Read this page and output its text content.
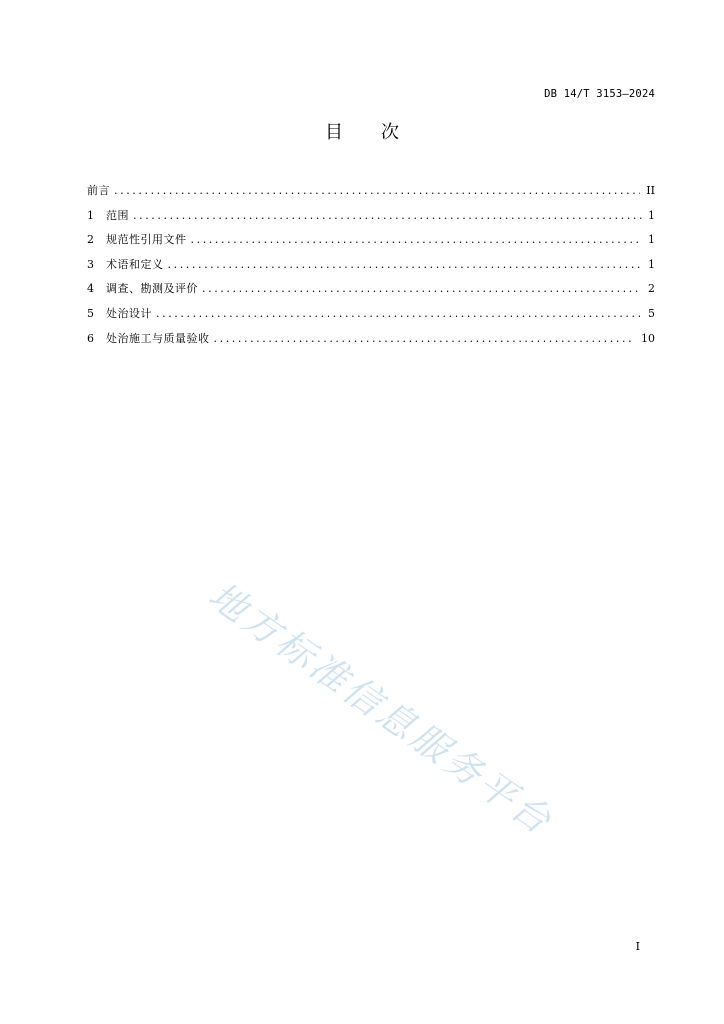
DB 14/T 3153—2024
目 次
前言 .....	II
1	范围 .....	1
2	规范性引用文件 .....	1
3	术语和定义 .....	1
4	调查、勘测及评价 .....	2
5	处治设计 .....	5
6	处治施工与质量验收 .....	10
地方标准信息服务平台
I
